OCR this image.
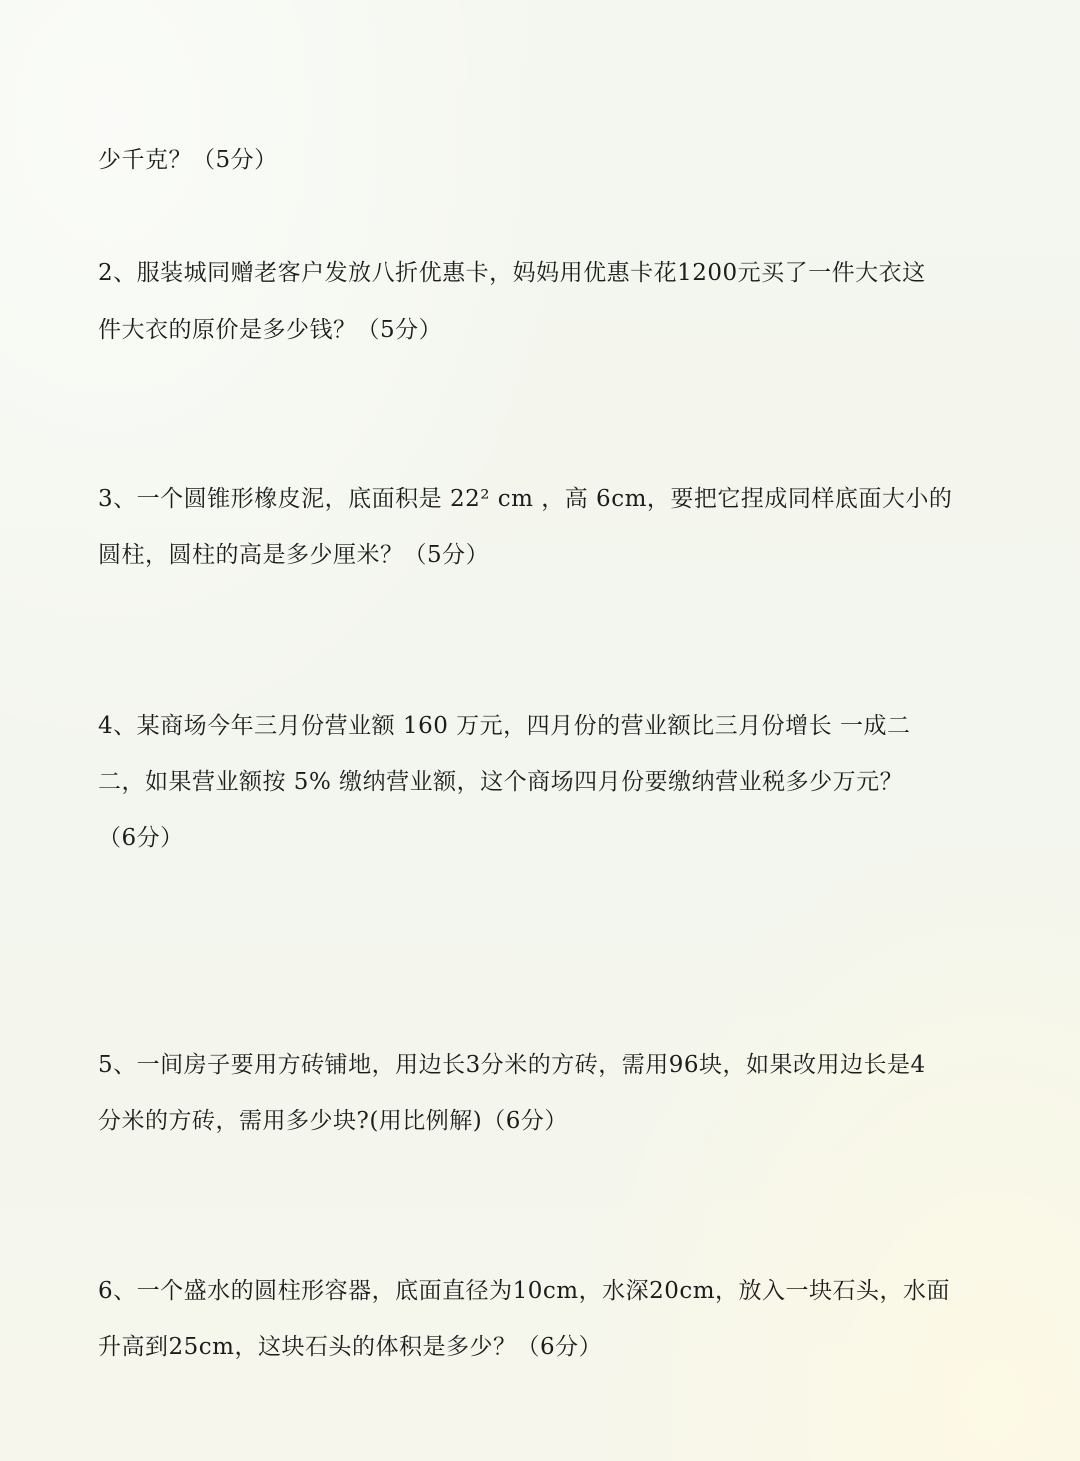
少千克？（5分）
2、服装城同赠老客户发放八折优惠卡，妈妈用优惠卡花1200元买了一件大衣这
件大衣的原价是多少钱？（5分）
3、一个圆锥形橡皮泥，底面积是 22² cm ，高 6cm，要把它捏成同样底面大小的
圆柱，圆柱的高是多少厘米？（5分）
4、某商场今年三月份营业额 160 万元，四月份的营业额比三月份增长 一成二
二，如果营业额按 5% 缴纳营业额，这个商场四月份要缴纳营业税多少万元？
（6分）
5、一间房子要用方砖铺地，用边长3分米的方砖，需用96块，如果改用边长是4
分米的方砖，需用多少块?(用比例解)（6分）
6、一个盛水的圆柱形容器，底面直径为10cm，水深20cm，放入一块石头，水面
升高到25cm，这块石头的体积是多少？（6分）
